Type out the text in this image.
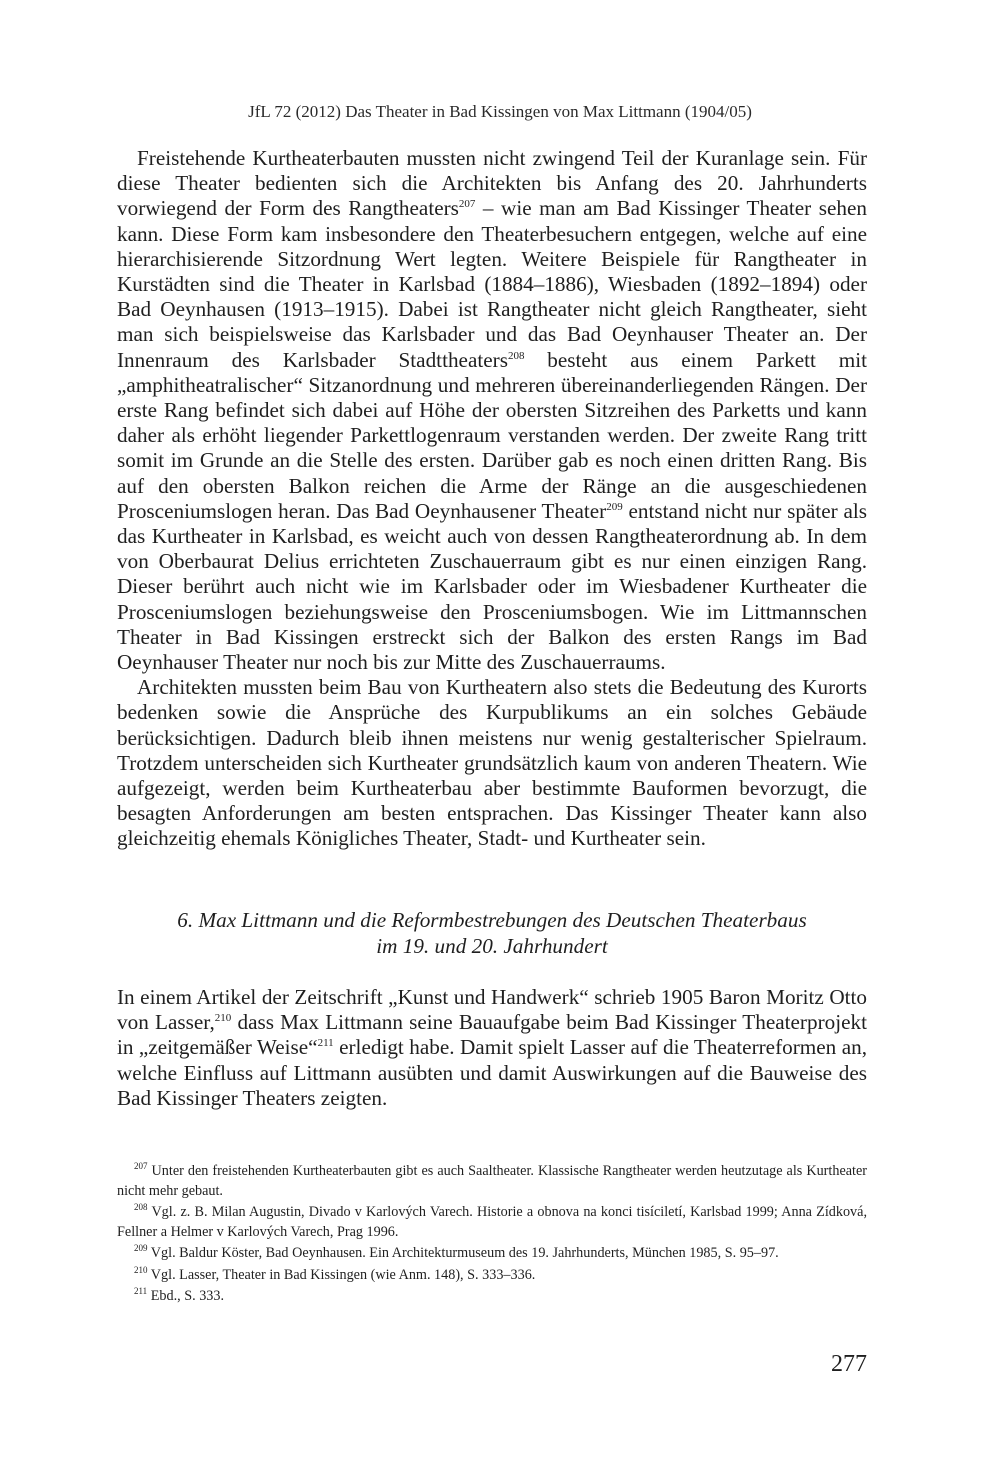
JfL 72 (2012) Das Theater in Bad Kissingen von Max Littmann (1904/05)

Freistehende Kurtheaterbauten mussten nicht zwingend Teil der Kuranlage sein. Für diese Theater bedienten sich die Architekten bis Anfang des 20. Jahrhunderts vorwiegend der Form des Rangtheaters$^{207}$ – wie man am Bad Kissinger Theater sehen kann. Diese Form kam insbesondere den Theaterbesuchern entgegen, welche auf eine hierarchisierende Sitzordnung Wert legten. Weitere Beispiele für Rangtheater in Kurstädten sind die Theater in Karlsbad (1884–1886), Wiesbaden (1892–1894) oder Bad Oeynhausen (1913–1915). Dabei ist Rangtheater nicht gleich Rangtheater, sieht man sich beispielsweise das Karlsbader und das Bad Oeynhauser Theater an. Der Innenraum des Karlsbader Stadttheaters$^{208}$ besteht aus einem Parkett mit „amphitheatralischer“ Sitzanordnung und mehreren übereinanderliegenden Rängen. Der erste Rang befindet sich dabei auf Höhe der obersten Sitzreihen des Parketts und kann daher als erhöht liegender Parkettlogenraum verstanden werden. Der zweite Rang tritt somit im Grunde an die Stelle des ersten. Darüber gab es noch einen dritten Rang. Bis auf den obersten Balkon reichen die Arme der Ränge an die ausgeschiedenen Prosceniumslogen heran. Das Bad Oeynhausener Theater$^{209}$ entstand nicht nur später als das Kurtheater in Karlsbad, es weicht auch von dessen Rangtheaterordnung ab. In dem von Oberbaurat Delius errichteten Zuschauerraum gibt es nur einen einzigen Rang. Dieser berührt auch nicht wie im Karlsbader oder im Wiesbadener Kurtheater die Prosceniumslogen beziehungsweise den Prosceniumsbogen. Wie im Littmannschen Theater in Bad Kissingen erstreckt sich der Balkon des ersten Rangs im Bad Oeynhauser Theater nur noch bis zur Mitte des Zuschauerraums.

Architekten mussten beim Bau von Kurtheatern also stets die Bedeutung des Kurorts bedenken sowie die Ansprüche des Kurpublikums an ein solches Gebäude berücksichtigen. Dadurch bleib ihnen meistens nur wenig gestalterischer Spielraum. Trotzdem unterscheiden sich Kurtheater grundsätzlich kaum von anderen Theatern. Wie aufgezeigt, werden beim Kurtheaterbau aber bestimmte Bauformen bevorzugt, die besagten Anforderungen am besten entsprachen. Das Kissinger Theater kann also gleichzeitig ehemals Königliches Theater, Stadt- und Kurtheater sein.

6. Max Littmann und die Reformbestrebungen des Deutschen Theaterbaus
im 19. und 20. Jahrhundert

In einem Artikel der Zeitschrift „Kunst und Handwerk“ schrieb 1905 Baron Moritz Otto von Lasser,$^{210}$ dass Max Littmann seine Bauaufgabe beim Bad Kissinger Theaterprojekt in „zeitgemäßer Weise“$^{211}$ erledigt habe. Damit spielt Lasser auf die Theaterreformen an, welche Einfluss auf Littmann ausübten und damit Auswirkungen auf die Bauweise des Bad Kissinger Theaters zeigten.

$^{207}$ Unter den freistehenden Kurtheaterbauten gibt es auch Saaltheater. Klassische Rangtheater werden heutzutage als Kurtheater nicht mehr gebaut.

$^{208}$ Vgl. z. B. Milan Augustin, Divado v Karlových Varech. Historie a obnova na konci tisíciletí, Karlsbad 1999; Anna Zídková, Fellner a Helmer v Karlových Varech, Prag 1996.

$^{209}$ Vgl. Baldur Köster, Bad Oeynhausen. Ein Architekturmuseum des 19. Jahrhunderts, München 1985, S. 95–97.

$^{210}$ Vgl. Lasser, Theater in Bad Kissingen (wie Anm. 148), S. 333–336.

$^{211}$ Ebd., S. 333.

277
